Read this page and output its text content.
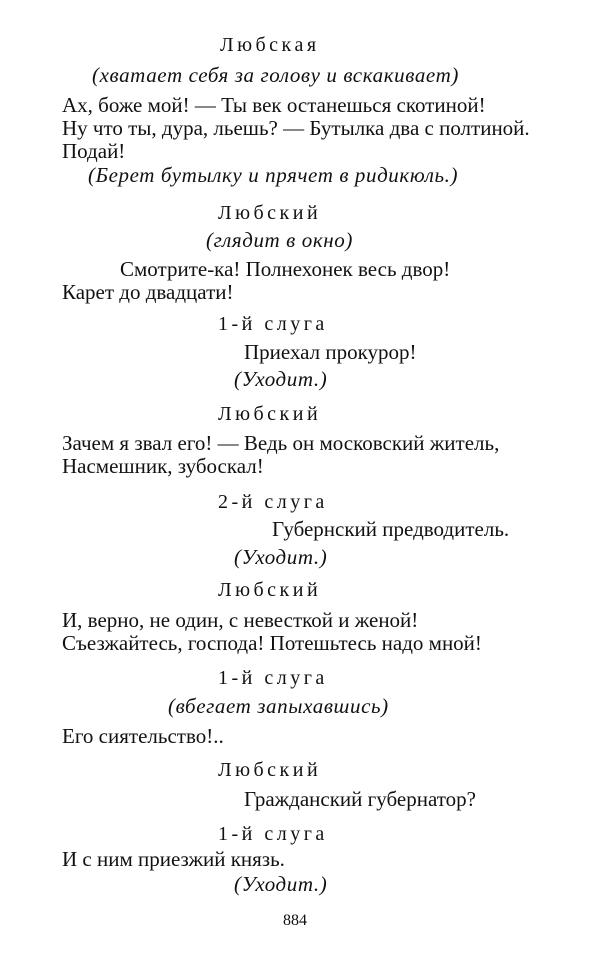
Любская
(хватает себя за голову и вскакивает)
Ах, боже мой! — Ты век останешься скотиной!
Ну что ты, дура, льешь? — Бутылка два с полтиной.
Подай!
(Берет бутылку и прячет в ридикюль.)
Любский
(глядит в окно)
Смотрите-ка! Полнехонек весь двор!
Карет до двадцати!
1-й слуга
Приехал прокурор!
(Уходит.)
Любский
Зачем я звал его! — Ведь он московский житель,
Насмешник, зубоскал!
2-й слуга
Губернский предводитель.
(Уходит.)
Любский
И, верно, не один, с невесткой и женой!
Съезжайтесь, господа! Потешьтесь надо мной!
1-й слуга
(вбегает запыхавшись)
Его сиятельство!..
Любский
Гражданский губернатор?
1-й слуга
И с ним приезжий князь.
(Уходит.)
884
